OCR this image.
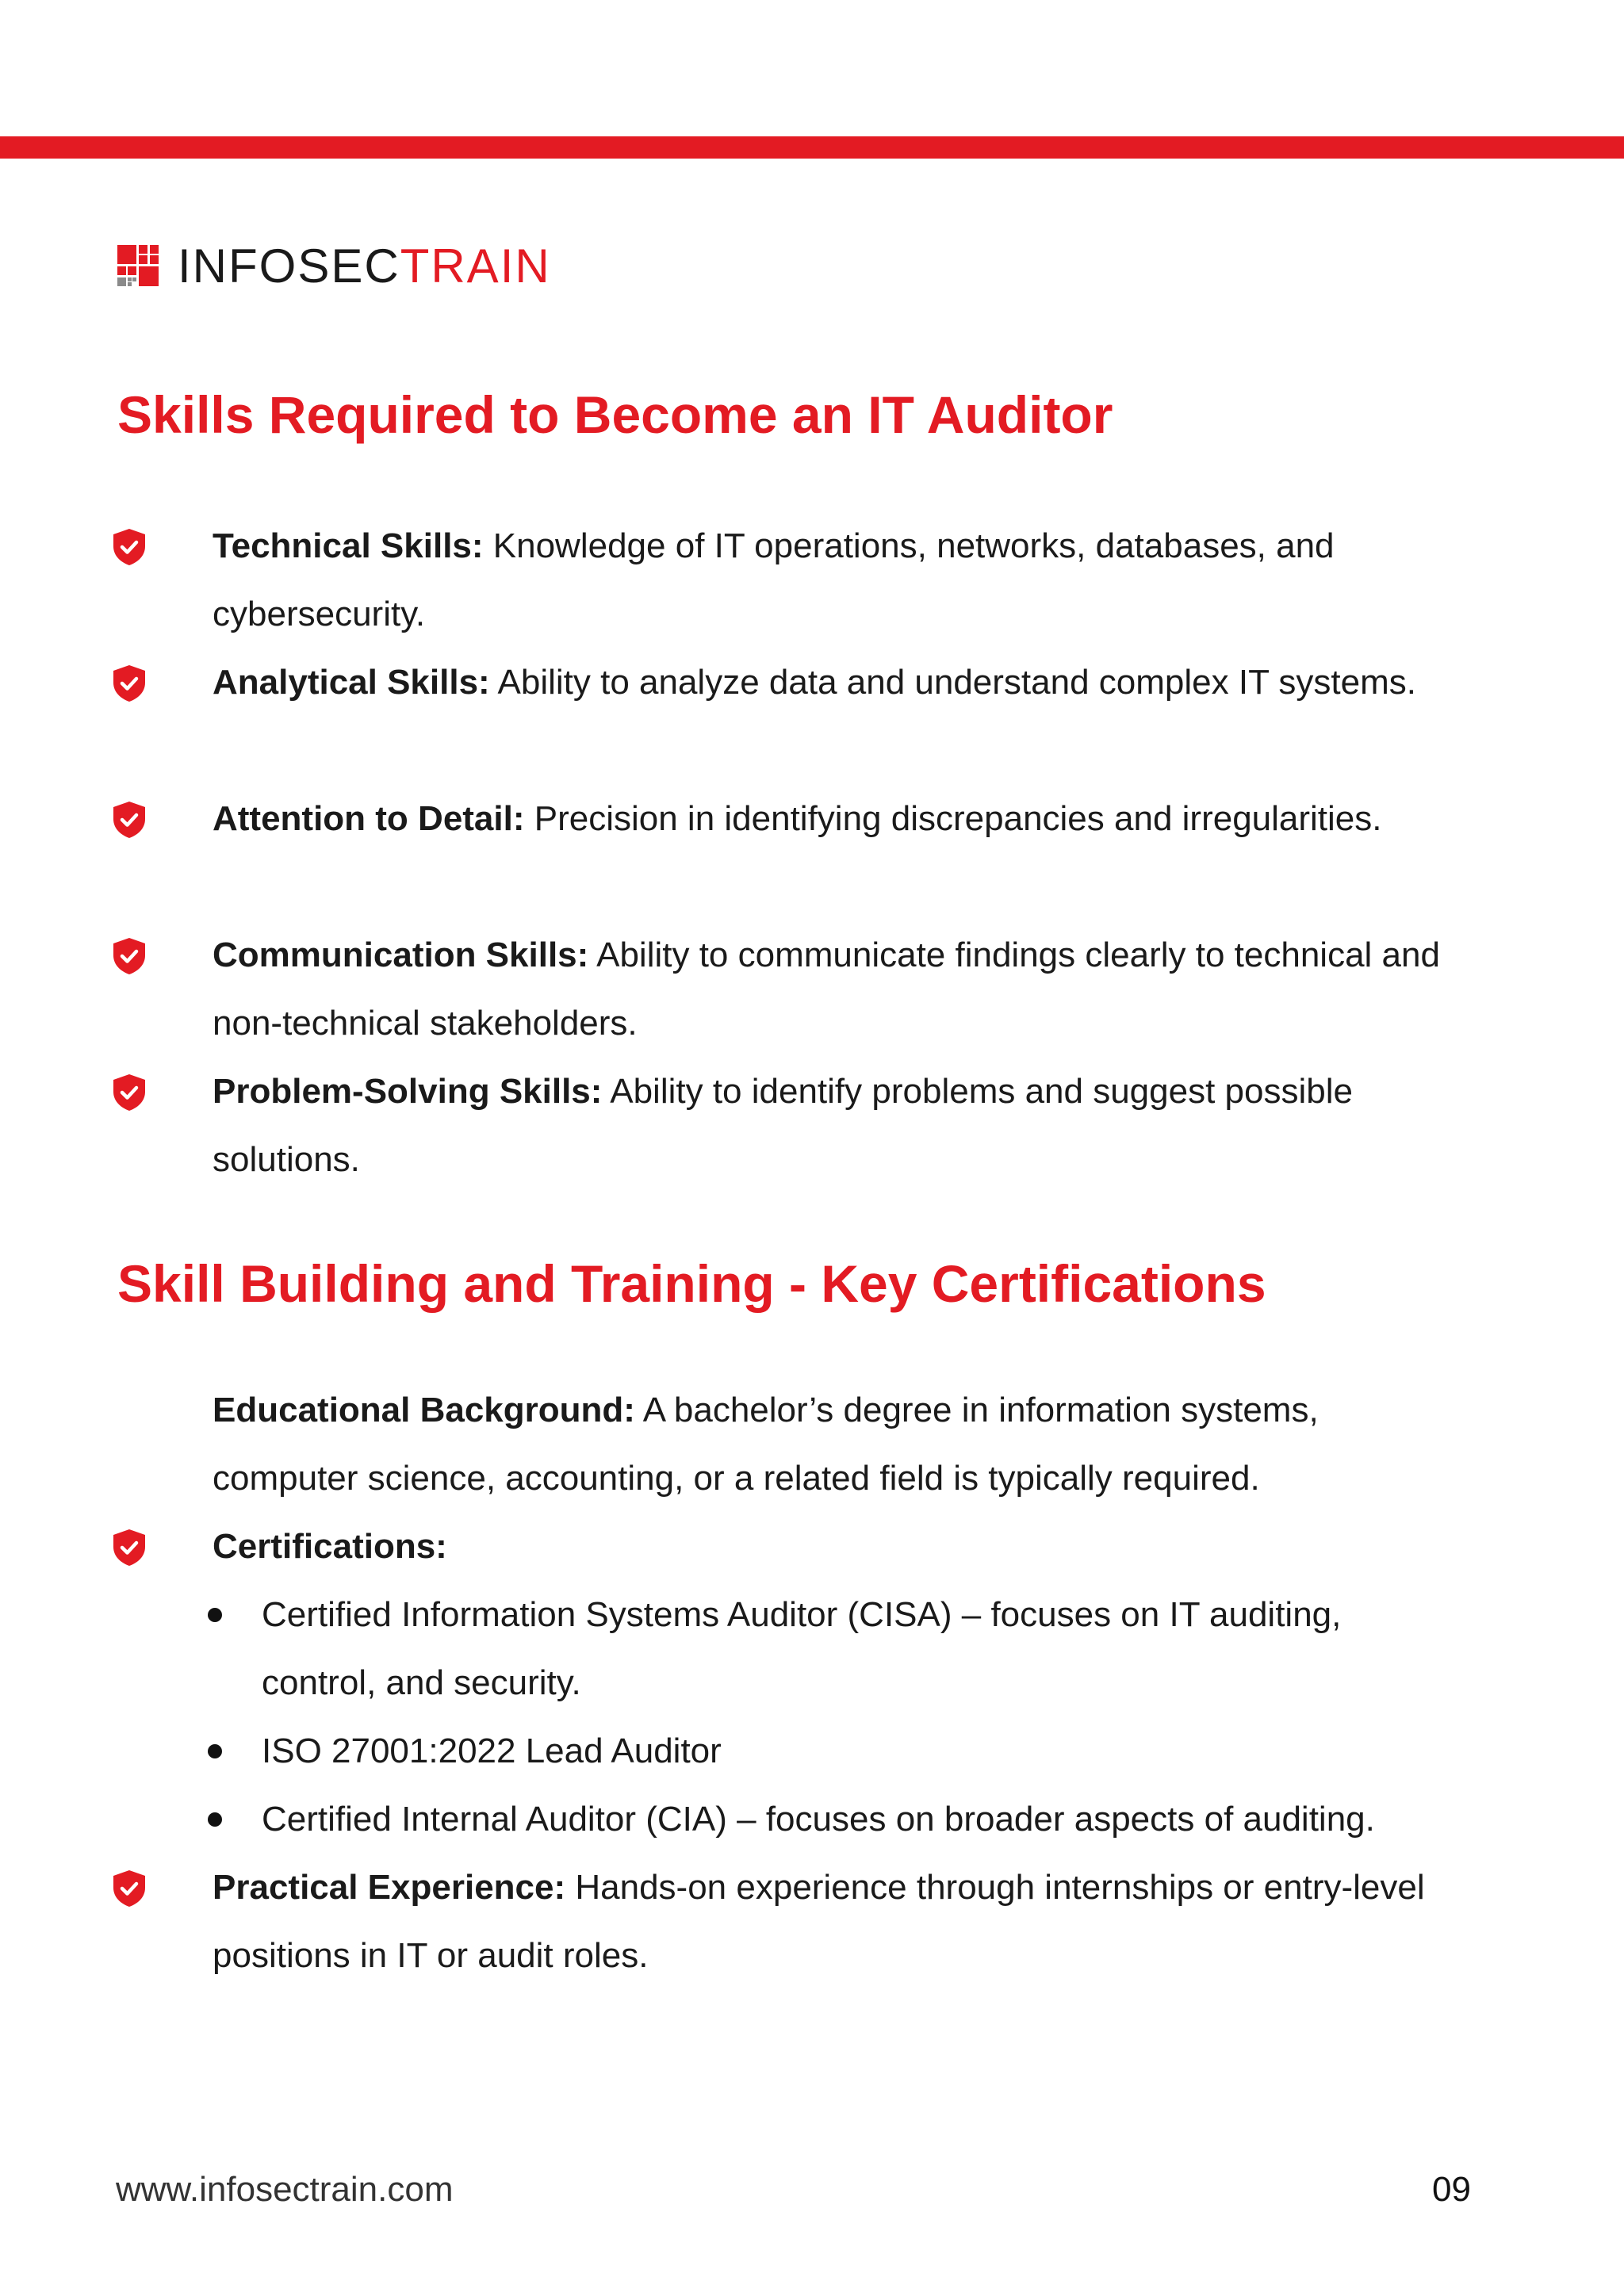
INFOSECTRAIN
Skills Required to Become an IT Auditor
Technical Skills: Knowledge of IT operations, networks, databases, and cybersecurity.
Analytical Skills: Ability to analyze data and understand complex IT systems.
Attention to Detail: Precision in identifying discrepancies and irregularities.
Communication Skills: Ability to communicate findings clearly to technical and non-technical stakeholders.
Problem-Solving Skills: Ability to identify problems and suggest possible solutions.
Skill Building and Training - Key Certifications
Educational Background: A bachelor’s degree in information systems, computer science, accounting, or a related field is typically required.
Certifications:
Certified Information Systems Auditor (CISA) – focuses on IT auditing, control, and security.
ISO 27001:2022 Lead Auditor
Certified Internal Auditor (CIA) – focuses on broader aspects of auditing.
Practical Experience: Hands-on experience through internships or entry-level positions in IT or audit roles.
www.infosectrain.com	09
